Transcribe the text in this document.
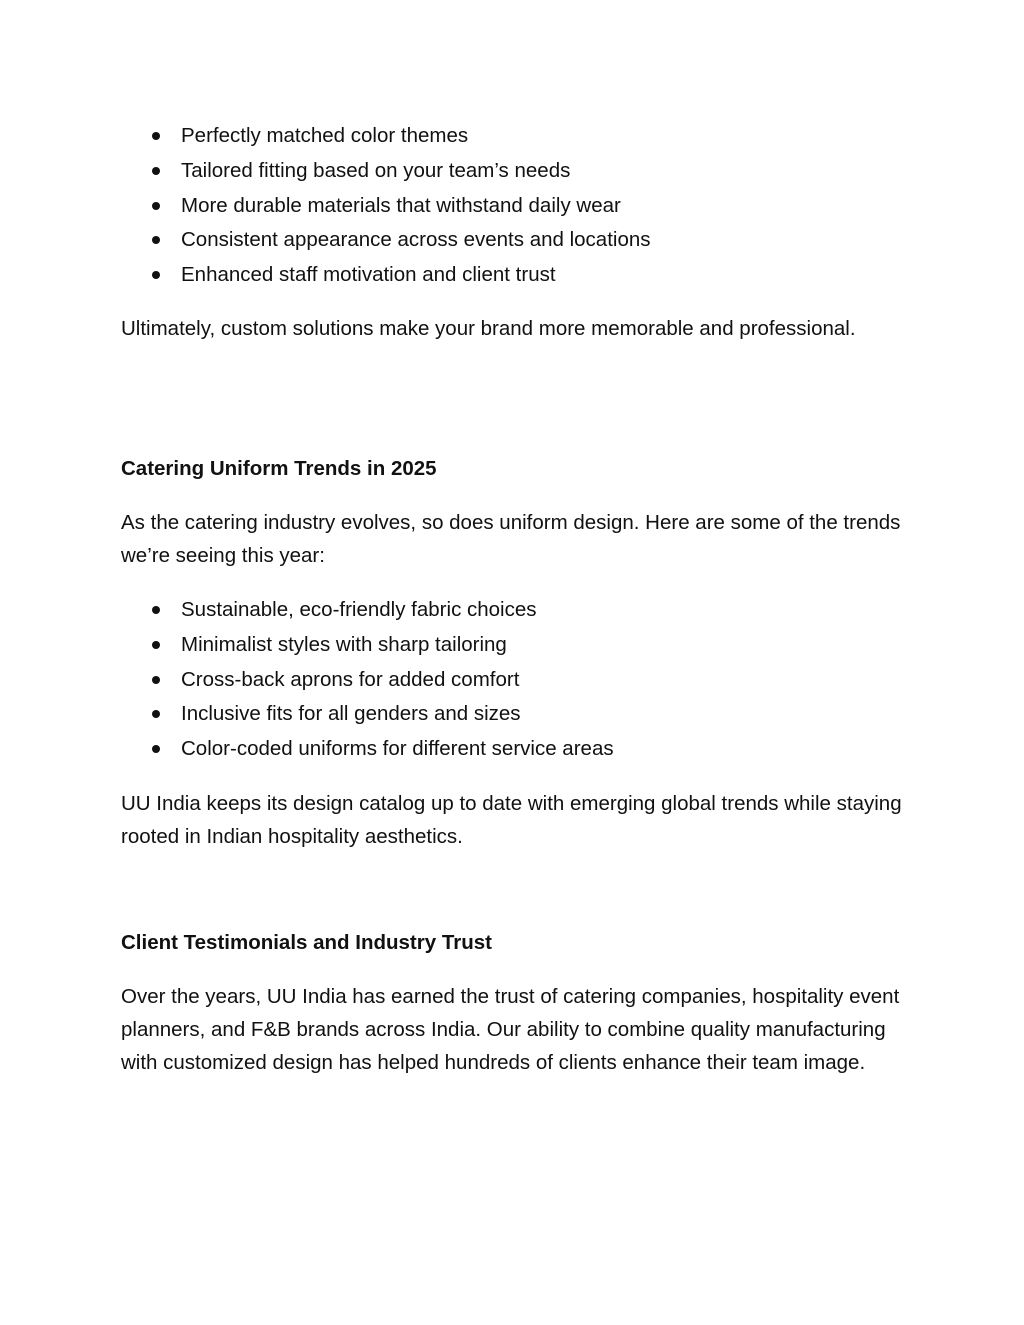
Perfectly matched color themes
Tailored fitting based on your team’s needs
More durable materials that withstand daily wear
Consistent appearance across events and locations
Enhanced staff motivation and client trust

Ultimately, custom solutions make your brand more memorable and professional.

Catering Uniform Trends in 2025

As the catering industry evolves, so does uniform design. Here are some of the trends we’re seeing this year:

Sustainable, eco-friendly fabric choices
Minimalist styles with sharp tailoring
Cross-back aprons for added comfort
Inclusive fits for all genders and sizes
Color-coded uniforms for different service areas

UU India keeps its design catalog up to date with emerging global trends while staying rooted in Indian hospitality aesthetics.

Client Testimonials and Industry Trust

Over the years, UU India has earned the trust of catering companies, hospitality event planners, and F&B brands across India. Our ability to combine quality manufacturing with customized design has helped hundreds of clients enhance their team image.
